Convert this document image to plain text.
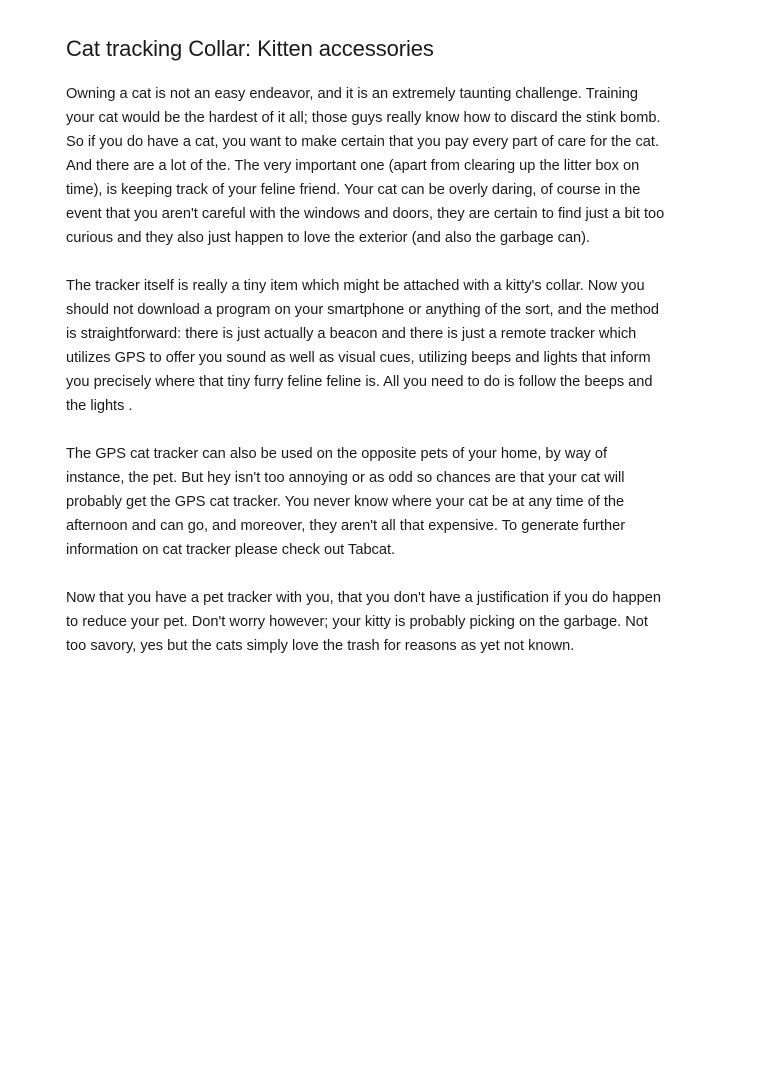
Cat tracking Collar: Kitten accessories

Owning a cat is not an easy endeavor, and it is an extremely taunting challenge. Training
your cat would be the hardest of it all; those guys really know how to discard the stink bomb.
So if you do have a cat, you want to make certain that you pay every part of care for the cat.
And there are a lot of the. The very important one (apart from clearing up the litter box on
time), is keeping track of your feline friend. Your cat can be overly daring, of course in the
event that you aren't careful with the windows and doors, they are certain to find just a bit too
curious and they also just happen to love the exterior (and also the garbage can).

The tracker itself is really a tiny item which might be attached with a kitty's collar. Now you
should not download a program on your smartphone or anything of the sort, and the method
is straightforward: there is just actually a beacon and there is just a remote tracker which
utilizes GPS to offer you sound as well as visual cues, utilizing beeps and lights that inform
you precisely where that tiny furry feline feline is. All you need to do is follow the beeps and
the lights .

The GPS cat tracker can also be used on the opposite pets of your home, by way of
instance, the pet. But hey isn't too annoying or as odd so chances are that your cat will
probably get the GPS cat tracker. You never know where your cat be at any time of the
afternoon and can go, and moreover, they aren't all that expensive. To generate further
information on cat tracker please check out Tabcat.

Now that you have a pet tracker with you, that you don't have a justification if you do happen
to reduce your pet. Don't worry however; your kitty is probably picking on the garbage. Not
too savory, yes but the cats simply love the trash for reasons as yet not known.
